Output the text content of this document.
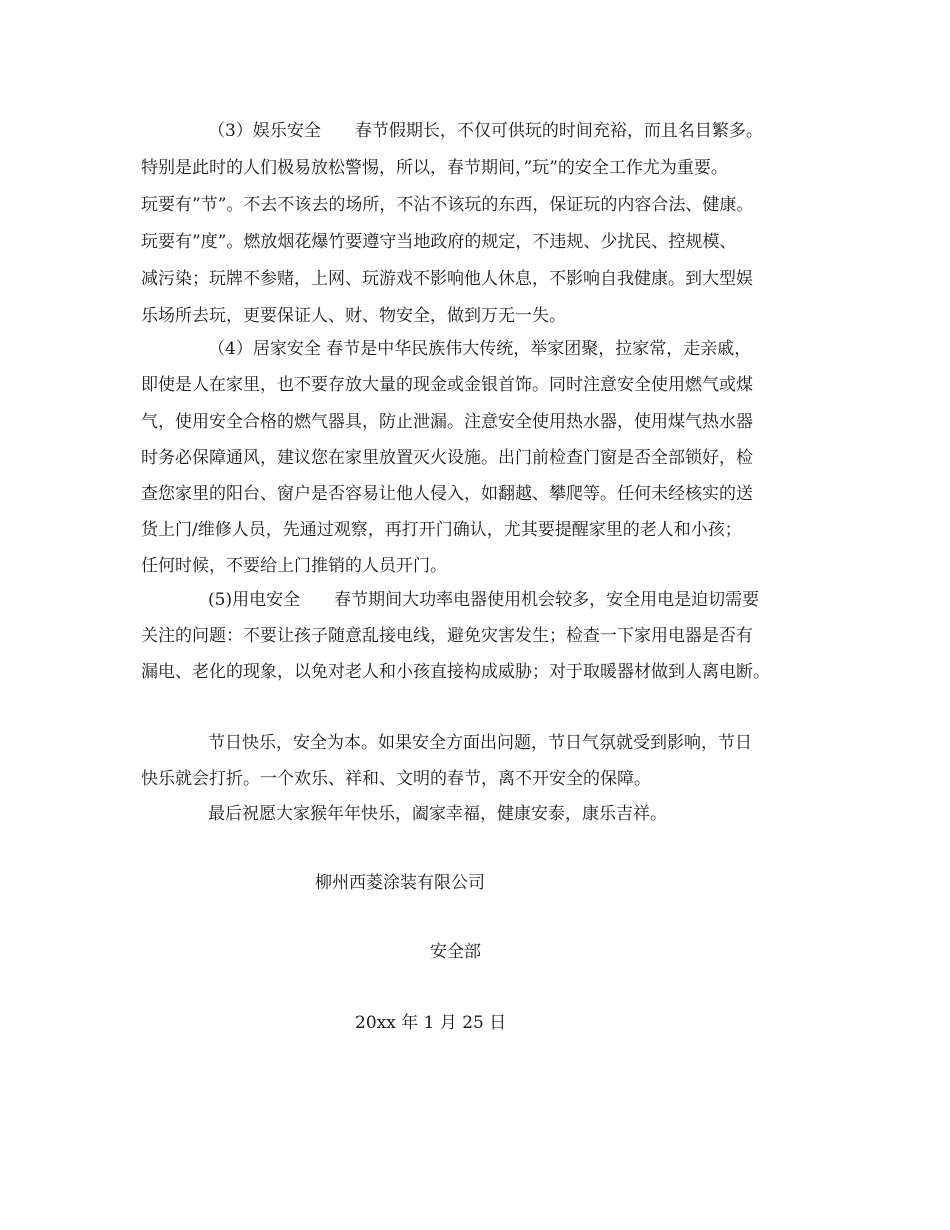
（3）娱乐安全　　春节假期长，不仅可供玩的时间充裕，而且名目繁多。
特别是此时的人们极易放松警惕，所以，春节期间，”玩”的安全工作尤为重要。
玩要有”节”。不去不该去的场所，不沾不该玩的东西，保证玩的内容合法、健康。
玩要有”度”。燃放烟花爆竹要遵守当地政府的规定，不违规、少扰民、控规模、
减污染；玩牌不参赌，上网、玩游戏不影响他人休息，不影响自我健康。到大型娱
乐场所去玩，更要保证人、财、物安全，做到万无一失。
（4）居家安全 春节是中华民族伟大传统，举家团聚，拉家常，走亲戚，
即使是人在家里，也不要存放大量的现金或金银首饰。同时注意安全使用燃气或煤
气，使用安全合格的燃气器具，防止泄漏。注意安全使用热水器，使用煤气热水器
时务必保障通风，建议您在家里放置灭火设施。出门前检查门窗是否全部锁好，检
查您家里的阳台、窗户是否容易让他人侵入，如翻越、攀爬等。任何未经核实的送
货上门/维修人员，先通过观察，再打开门确认，尤其要提醒家里的老人和小孩；
任何时候，不要给上门推销的人员开门。
(5)用电安全　　春节期间大功率电器使用机会较多，安全用电是迫切需要
关注的问题：不要让孩子随意乱接电线，避免灾害发生；检查一下家用电器是否有
漏电、老化的现象，以免对老人和小孩直接构成威胁；对于取暖器材做到人离电断。
节日快乐，安全为本。如果安全方面出问题，节日气氛就受到影响，节日
快乐就会打折。一个欢乐、祥和、文明的春节，离不开安全的保障。
最后祝愿大家猴年年快乐，阖家幸福，健康安泰，康乐吉祥。
柳州西菱涂装有限公司
安全部
20xx 年 1 月 25 日
